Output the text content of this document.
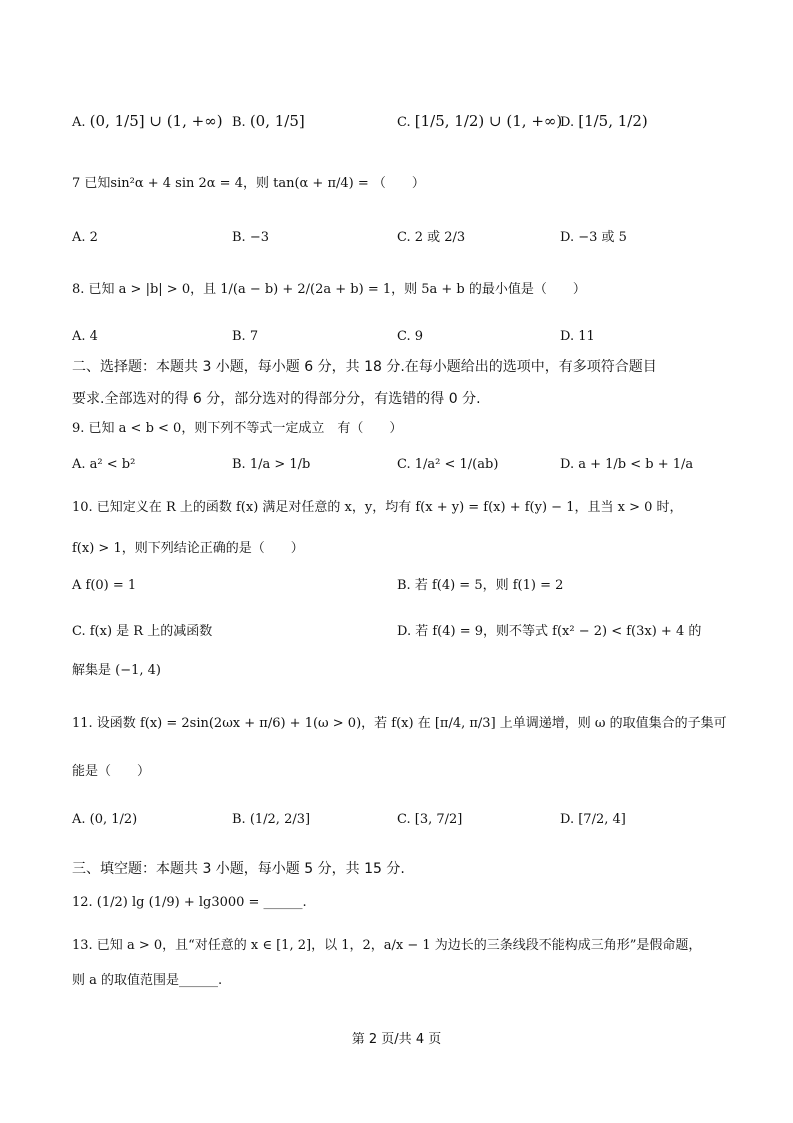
A. (0, 1/5] ∪ (1, +∞) B. (0, 1/5]	C. [1/5, 1/2) ∪ (1, +∞)
D. [1/5, 1/2)
7 已知sin²α + 4 sin 2α = 4，则 tan(α + π/4) = （　　）
A. 2	B. −3	C. 2 或 2/3	D. −3 或 5
8. 已知 a > |b| > 0，且 1/(a − b) + 2/(2a + b) = 1，则 5a + b 的最小值是（　　）
A. 4	B. 7	C. 9	D. 11
二、选择题：本题共 3 小题，每小题 6 分，共 18 分.在每小题给出的选项中，有多项符合题目
要求.全部选对的得 6 分，部分选对的得部分分，有选错的得 0 分.
9. 已知 a < b < 0，则下列不等式一定成立　有（　　）
A. a² < b²	B. 1/a > 1/b	C. 1/a² < 1/(ab)	D. a + 1/b < b + 1/a
10. 已知定义在 R 上的函数 f(x) 满足对任意的 x，y，均有 f(x + y) = f(x) + f(y) − 1，且当 x > 0 时，
f(x) > 1，则下列结论正确的是（　　）
A f(0) = 1	B. 若 f(4) = 5，则 f(1) = 2
C. f(x) 是 R 上的减函数	D. 若 f(4) = 9，则不等式 f(x² − 2) < f(3x) + 4 的
解集是 (−1, 4)
11. 设函数 f(x) = 2sin(2ωx + π/6) + 1(ω > 0)，若 f(x) 在 [π/4, π/3] 上单调递增，则 ω 的取值集合的子集可
能是（　　）
A. (0, 1/2)	B. (1/2, 2/3]	C. [3, 7/2]	D. [7/2, 4]
三、填空题：本题共 3 小题，每小题 5 分，共 15 分.
12. (1/2) lg (1/9) + lg3000 = ______.
13. 已知 a > 0，且“对任意的 x ∈ [1, 2]，以 1，2，a/x − 1 为边长的三条线段不能构成三角形”是假命题，
则 a 的取值范围是______.
第 2 页/共 4 页
